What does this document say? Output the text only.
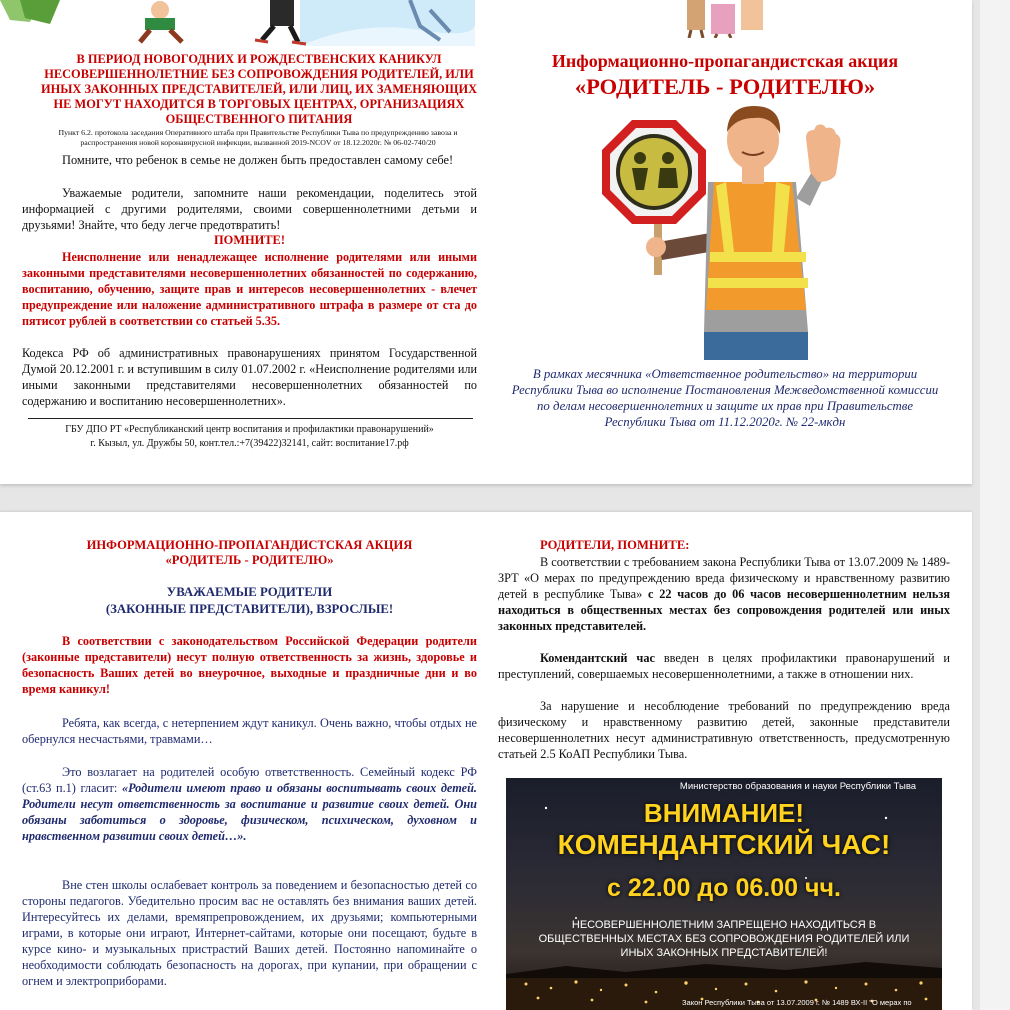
В ПЕРИОД НОВОГОДНИХ И РОЖДЕСТВЕНСКИХ КАНИКУЛ НЕСОВЕРШЕННОЛЕТНИЕ БЕЗ СОПРОВОЖДЕНИЯ РОДИТЕЛЕЙ, ИЛИ ИНЫХ ЗАКОННЫХ ПРЕДСТАВИТЕЛЕЙ, ИЛИ ЛИЦ, ИХ ЗАМЕНЯЮЩИХ НЕ МОГУТ НАХОДИТСЯ В ТОРГОВЫХ ЦЕНТРАХ, ОРГАНИЗАЦИЯХ ОБЩЕСТВЕННОГО ПИТАНИЯ
Пункт 6.2. протокола заседания Оперативного штаба при Правительстве Республики Тыва по предупреждению завоза и распространения новой коронавирусной инфекции, вызванной 2019-NCOV от 18.12.2020г. № 06-02-740/20

Помните, что ребенок в семье не должен быть предоставлен самому себе!

Уважаемые родители, запомните наши рекомендации, поделитесь этой информацией с другими родителями, своими совершеннолетними детьми и друзьями! Знайте, что беду легче предотвратить!

ПОМНИТЕ!

Неисполнение или ненадлежащее исполнение родителями или иными законными представителями несовершеннолетних обязанностей по содержанию, воспитанию, обучению, защите прав и интересов несовершеннолетних - влечет предупреждение или наложение административного штрафа в размере от ста до пятисот рублей в соответствии со статьей 5.35.

Кодекса РФ об административных правонарушениях принятом Государственной Думой 20.12.2001 г. и вступившим в силу 01.07.2002 г. «Неисполнение родителями или иными законными представителями несовершеннолетних обязанностей по содержанию и воспитанию несовершеннолетних».

ГБУ ДПО РТ «Республиканский центр воспитания и профилактики правонарушений»
г. Кызыл, ул. Дружбы 50, конт.тел.:+7(39422)32141, сайт: воспитание17.рф
Информационно-пропагандистская акция
«РОДИТЕЛЬ - РОДИТЕЛЮ»

В рамках месячника «Ответственное родительство» на территории Республики Тыва во исполнение Постановления Межведомственной комиссии по делам несовершеннолетних и защите их прав при Правительстве Республики Тыва от 11.12.2020г. № 22-мкдн

ИНФОРМАЦИОННО-ПРОПАГАНДИСТСКАЯ АКЦИЯ
«РОДИТЕЛЬ - РОДИТЕЛЮ»
УВАЖАЕМЫЕ РОДИТЕЛИ
(ЗАКОННЫЕ ПРЕДСТАВИТЕЛИ), ВЗРОСЛЫЕ!

В соответствии с законодательством Российской Федерации родители (законные представители) несут полную ответственность за жизнь, здоровье и безопасность Ваших детей во внеурочное, выходные и праздничные дни и во время каникул!

Ребята, как всегда, с нетерпением ждут каникул. Очень важно, чтобы отдых не обернулся несчастьями, травмами…

Это возлагает на родителей особую ответственность. Семейный кодекс РФ (ст.63 п.1) гласит: «Родители имеют право и обязаны воспитывать своих детей. Родители несут ответственность за воспитание и развитие своих детей. Они обязаны заботиться о здоровье, физическом, психическом, духовном и нравственном развитии своих детей…».

Вне стен школы ослабевает контроль за поведением и безопасностью детей со стороны педагогов. Убедительно просим вас не оставлять без внимания ваших детей. Интересуйтесь их делами, времяпрепровождением, их друзьями; компьютерными играми, в которые они играют, Интернет-сайтами, которые они посещают, будьте в курсе кино- и музыкальных пристрастий Ваших детей. Постоянно напоминайте о необходимости соблюдать безопасность на дорогах, при купании, при обращении с огнем и электроприборами.

РОДИТЕЛИ, ПОМНИТЕ:

В соответствии с требованием закона Республики Тыва от 13.07.2009 № 1489-ЗРТ «О мерах по предупреждению вреда физическому и нравственному развитию детей в республике Тыва» с 22 часов до 06 часов несовершеннолетним нельзя находиться в общественных местах без сопровождения родителей или иных законных представителей.

Комендантский час введен в целях профилактики правонарушений и преступлений, совершаемых несовершеннолетними, а также в отношении них.

За нарушение и несоблюдение требований по предупреждению вреда физическому и нравственному развитию детей, законные представители несовершеннолетних несут административную ответственность, предусмотренную статьей 2.5 КоАП Республики Тыва.

Министерство образования и науки Республики Тыва
ВНИМАНИЕ!
КОМЕНДАНТСКИЙ ЧАС!
с 22.00 до 06.00 чч.
НЕСОВЕРШЕННОЛЕТНИМ ЗАПРЕЩЕНО НАХОДИТЬСЯ В ОБЩЕСТВЕННЫХ МЕСТАХ БЕЗ СОПРОВОЖДЕНИЯ РОДИТЕЛЕЙ ИЛИ ИНЫХ ЗАКОННЫХ ПРЕДСТАВИТЕЛЕЙ!
Закон Республики Тыва от 13.07.2009 г. № 1489 ВХ-II "О мерах по
